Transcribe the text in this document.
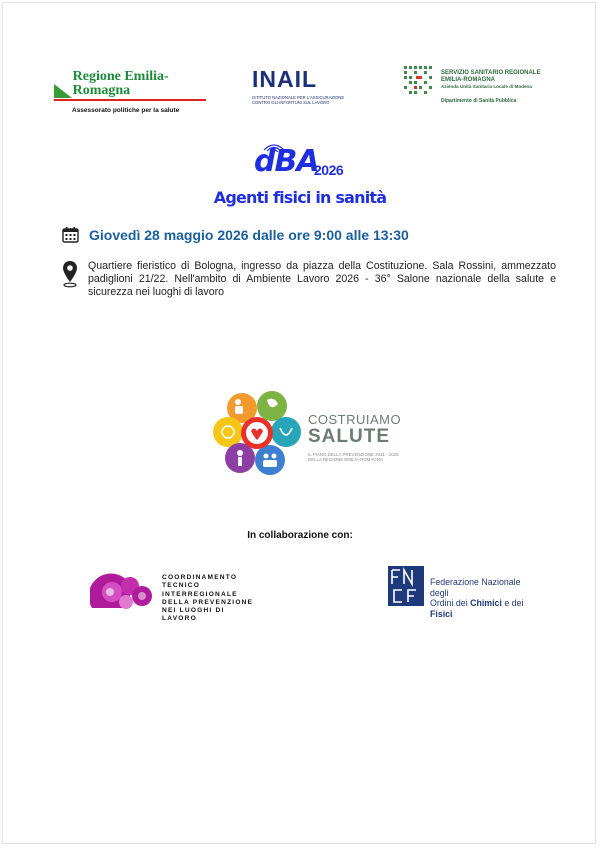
Regione Emilia-Romagna
Assessorato politiche per la salute
INAIL
ISTITUTO NAZIONALE PER L'ASSICURAZIONE
CONTRO GLI INFORTUNI SUL LAVORO
SERVIZIO SANITARIO REGIONALE
EMILIA-ROMAGNA
Azienda Unità Sanitaria Locale di Modena
Dipartimento di Sanità Pubblica
dBA
2026
Agenti fisici in sanità
Giovedì 28 maggio 2026 dalle ore 9:00 alle 13:30
Quartiere fieristico di Bologna, ingresso da piazza della Costituzione. Sala Rossini, ammezzato padiglioni 21/22. Nell'ambito di Ambiente Lavoro 2026 - 36° Salone nazionale della salute e sicurezza nei luoghi di lavoro
COSTRUIAMO
SALUTE
IL PIANO DELLA PREVENZIONE 2021 - 2025
DELLA REGIONE EMILIA-ROMAGNA
In collaborazione con:
COORDINAMENTO
TECNICO
INTERREGIONALE
DELLA PREVENZIONE
NEI LUOGHI DI LAVORO
Federazione Nazionale degli
Ordini dei Chimici e dei Fisici
